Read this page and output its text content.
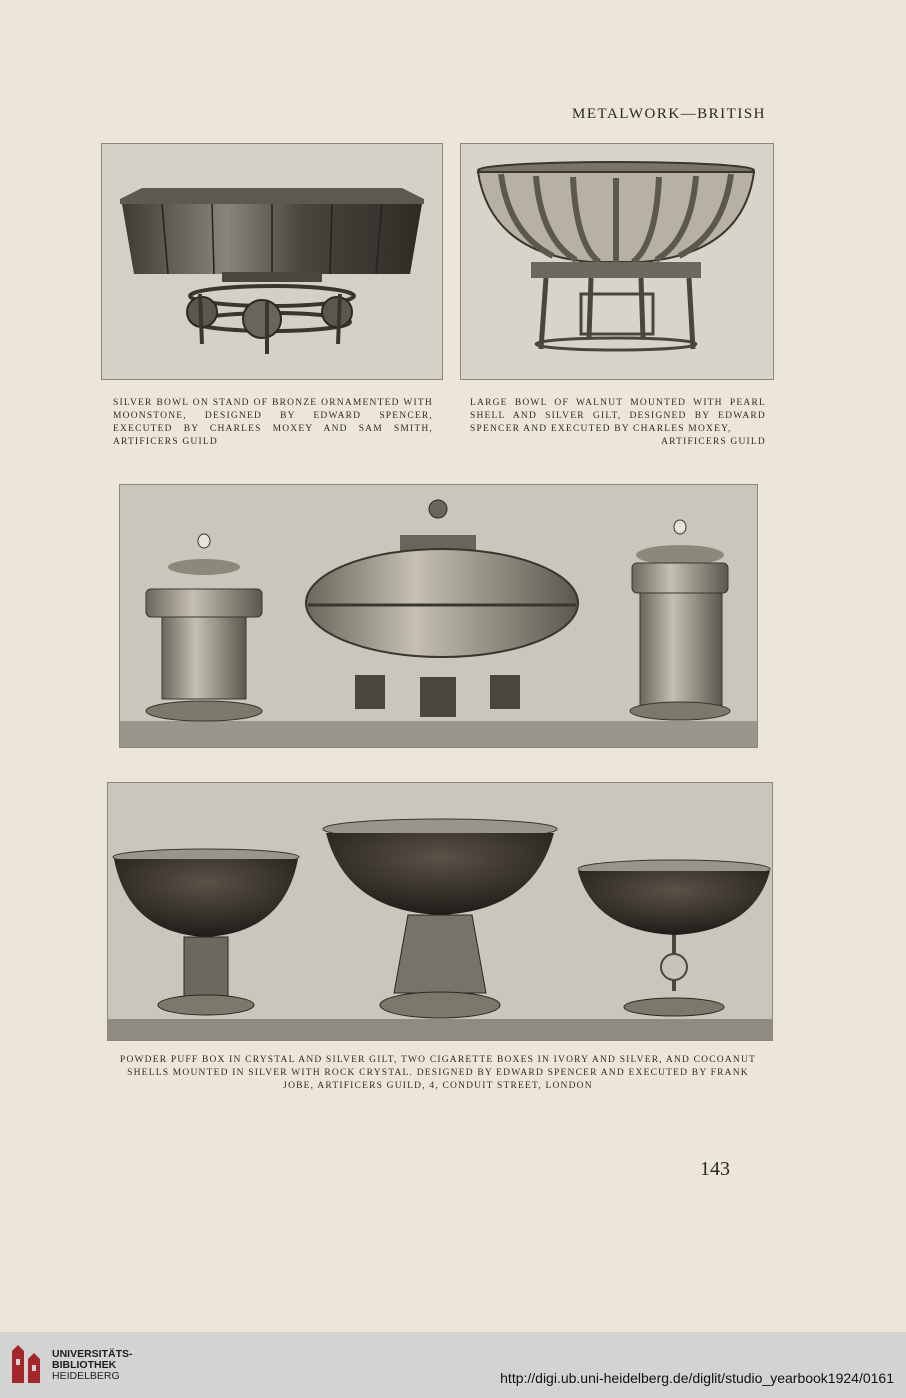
METALWORK—BRITISH
SILVER BOWL ON STAND OF BRONZE ORNAMENTED WITH MOONSTONE, DESIGNED BY EDWARD SPENCER, EXECUTED BY CHARLES MOXEY AND SAM SMITH, ARTIFICERS GUILD
LARGE BOWL OF WALNUT MOUNTED WITH PEARL SHELL AND SILVER GILT, DESIGNED BY EDWARD SPENCER AND EXECUTED BY CHARLES MOXEY,
ARTIFICERS GUILD
POWDER PUFF BOX IN CRYSTAL AND SILVER GILT, TWO CIGARETTE BOXES IN IVORY AND SILVER, AND COCOANUT
SHELLS MOUNTED IN SILVER WITH ROCK CRYSTAL. DESIGNED BY EDWARD SPENCER AND EXECUTED BY FRANK
JOBE, ARTIFICERS GUILD, 4, CONDUIT STREET, LONDON
143
UNIVERSITÄTS-
BIBLIOTHEK
HEIDELBERG	http://digi.ub.uni-heidelberg.de/diglit/studio_yearbook1924/0161
